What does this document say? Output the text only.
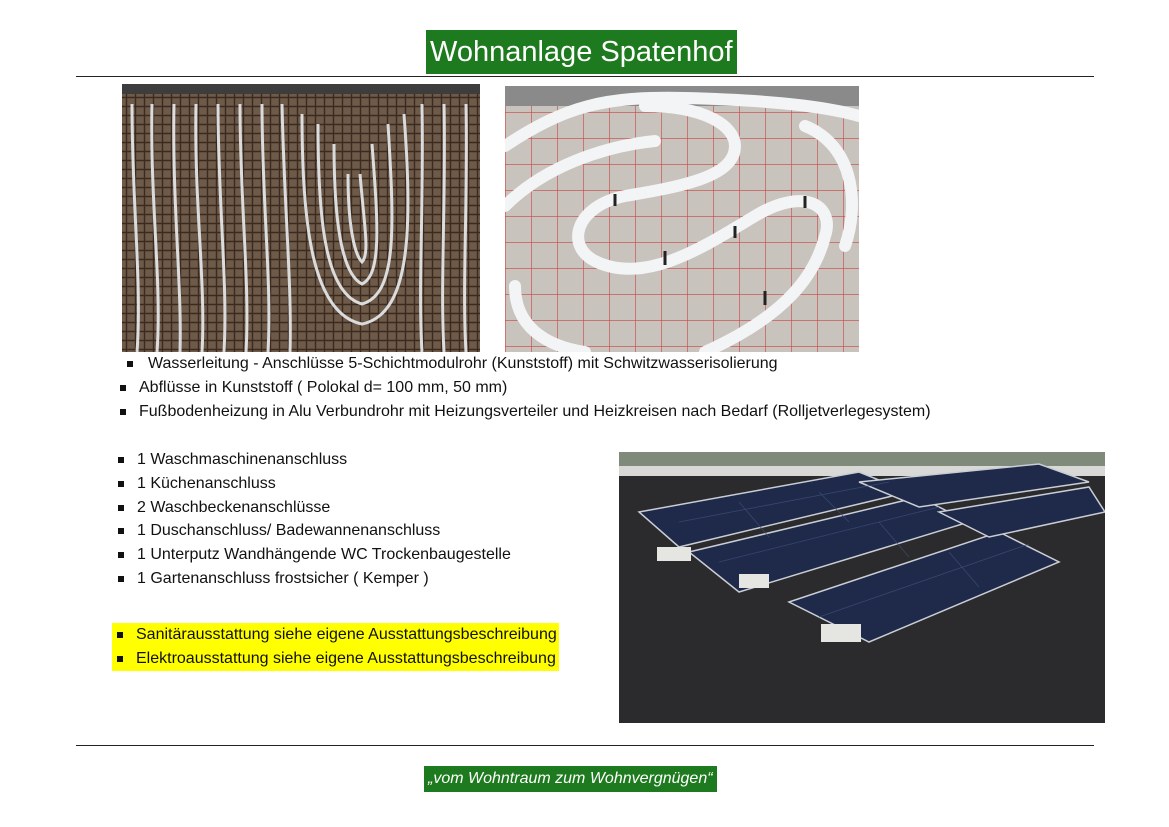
Wohnanlage Spatenhof
Wasserleitung - Anschlüsse 5-Schichtmodulrohr (Kunststoff) mit Schwitzwasserisolierung
Abflüsse in Kunststoff ( Polokal d= 100 mm, 50 mm)
Fußbodenheizung in Alu Verbundrohr mit Heizungsverteiler und Heizkreisen nach Bedarf (Rolljetverlegesystem)
1 Waschmaschinenanschluss
1 Küchenanschluss
2 Waschbeckenanschlüsse
1 Duschanschluss/ Badewannenanschluss
1 Unterputz Wandhängende WC Trockenbaugestelle
1 Gartenanschluss frostsicher ( Kemper )
Sanitärausstattung siehe eigene Ausstattungsbeschreibung
Elektroausstattung siehe eigene Ausstattungsbeschreibung
„vom Wohntraum zum Wohnvergnügen“
